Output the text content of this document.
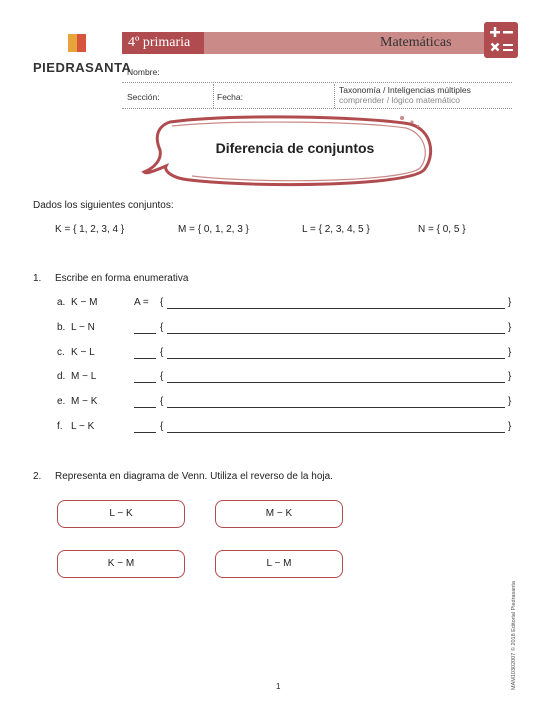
PIEDRASANTA
4º primaria	Matemáticas
Nombre:
Sección:	Fecha:
Taxonomía / Inteligencias múltiples
comprender / lógico matemático
Diferencia de conjuntos
Dados los siguientes conjuntos:
K = { 1, 2, 3, 4 }	M = { 0, 1, 2, 3 }	L = { 2, 3, 4, 5 }	N = { 0, 5 }
1. Escribe en forma enumerativa
a. K − M	A = {	}
b. L − N	{	}
c. K − L	{	}
d. M − L	{	}
e. M − K	{	}
f. L − K	{	}
2. Representa en diagrama de Venn. Utiliza el reverso de la hoja.
L − K	M − K
K − M	L − M
1	MAM10302007 © 2018 Editorial Piedrasanta
